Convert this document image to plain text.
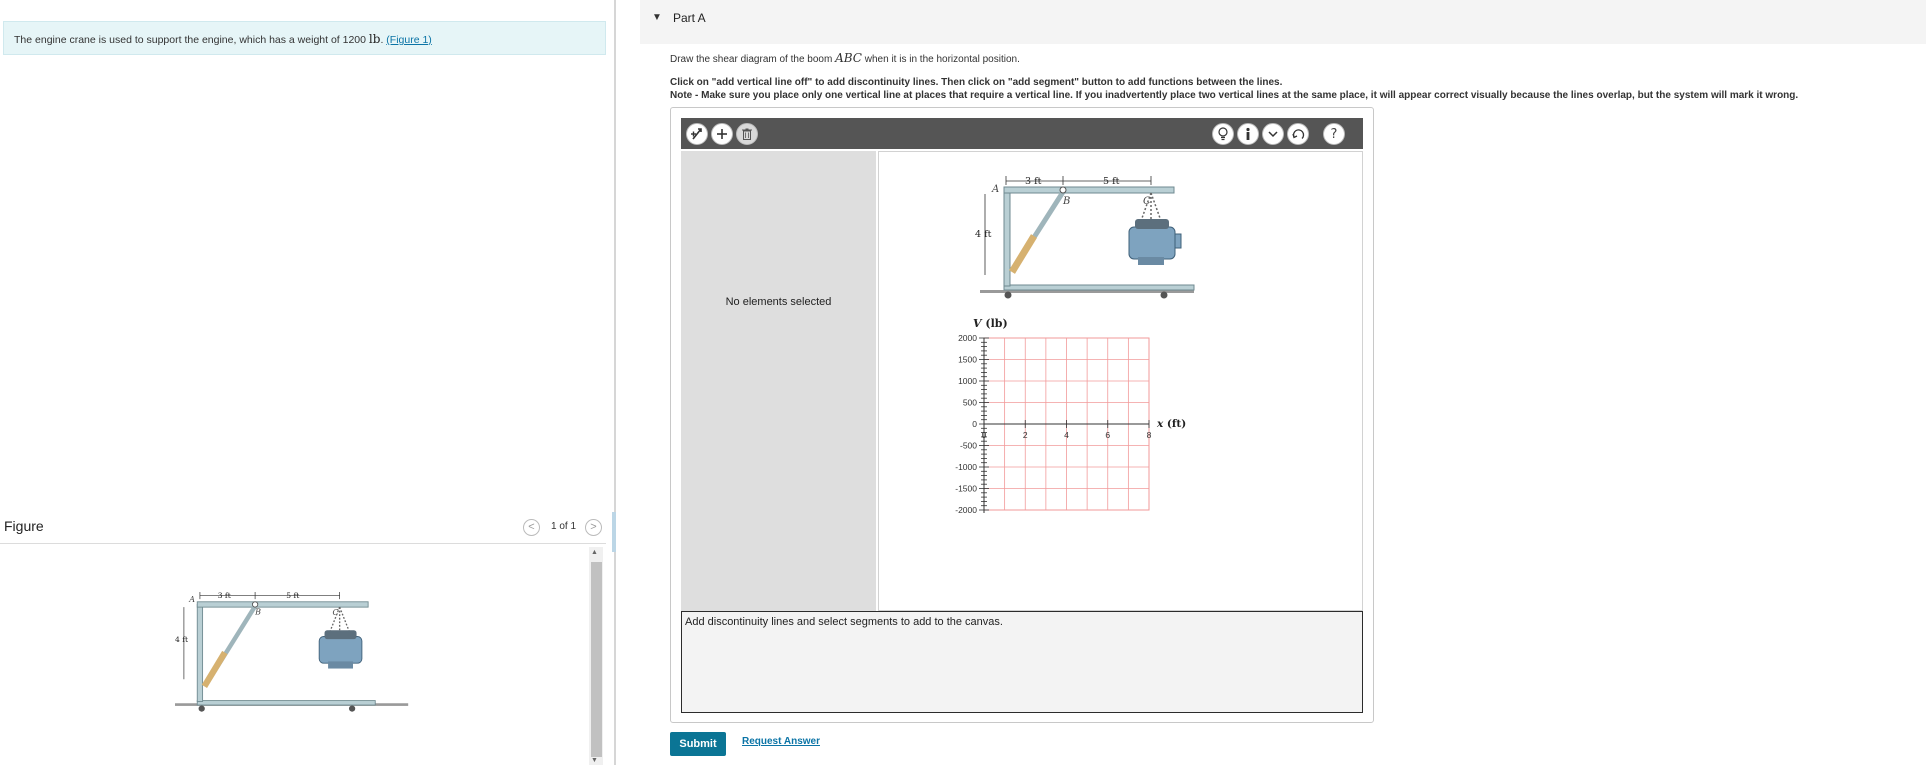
The engine crane is used to support the engine, which has a weight of 1200 lb. (Figure 1)
Figure	<	1 of 1	>
3 ft	5 ft
4 ft
A
B	C
▲
▼
▼ Part A

Draw the shear diagram of the boom ABC when it is in the horizontal position.

Click on "add vertical line off" to add discontinuity lines. Then click on "add segment" button to add functions between the lines.

Note - Make sure you place only one vertical line at places that require a vertical line. If you inadvertently place two vertical lines at the same place, it will appear correct visually because the lines overlap, but the system will mark it wrong.

?
No elements selected
3 ft	5 ft
4 ft
A
B	C
V (lb)
2000
1500
1000
500
0
-500
-1000
-1500
-2000
0	2	4	6	8
x (ft)
Add discontinuity lines and select segments to add to the canvas.
Submit	Request Answer
